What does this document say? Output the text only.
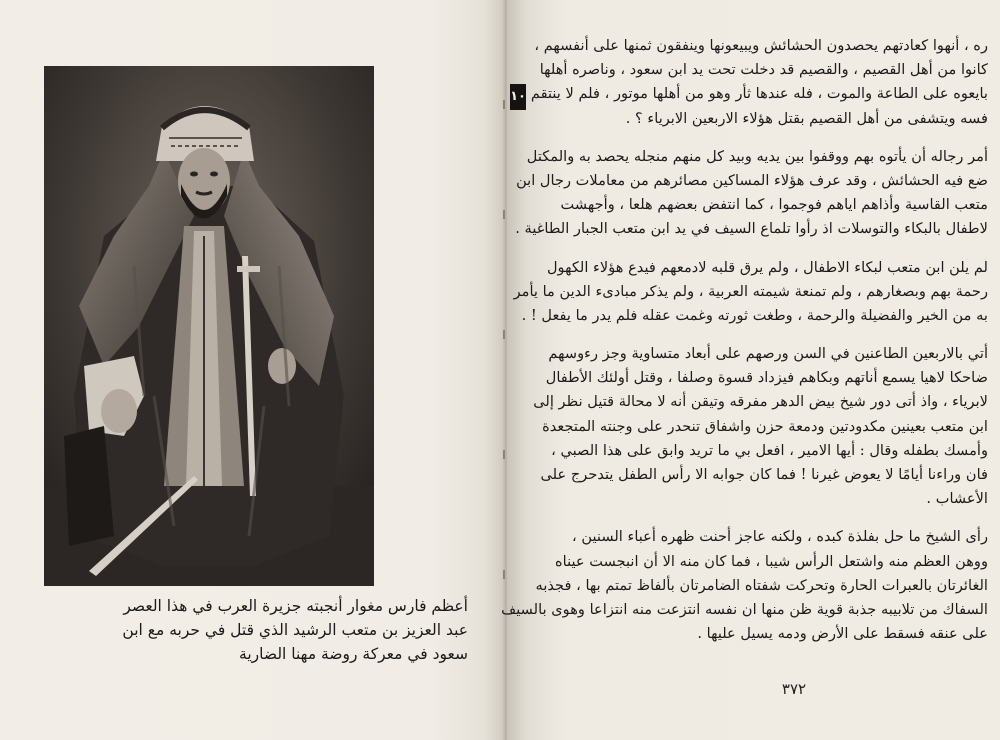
أعظم فارس مغوار أنجبته جزيرة العرب في هذا العصر
عبد العزيز بن متعب الرشيد الذي قتل في حربه مع ابن
سعود في معركة روضة مهنا الضارية
١٠
ره ، أنهوا كعادتهم يحصدون الحشائش ويبيعونها وينفقون ثمنها على أنفسهم ،
كانوا من أهل القصيم ، والقصيم قد دخلت تحت يد ابن سعود ، وناصره أهلها
بايعوه على الطاعة والموت ، فله عندها ثأر وهو من أهلها موتور ، فلم لا ينتقم
فسه ويتشفى من أهل القصيم بقتل هؤلاء الاربعين الابرياء ؟ .
أمر رجاله أن يأتوه بهم ووقفوا بين يديه وبيد كل منهم منجله يحصد به والمكتل
ضع فيه الحشائش ، وقد عرف هؤلاء المساكين مصائرهم من معاملات رجال ابن
متعب القاسية وأذاهم اياهم فوجموا ، كما انتفض بعضهم هلعا ، وأجهشت
لاطفال بالبكاء والتوسلات اذ رأوا تلماع السيف في يد ابن متعب الجبار الطاغية .
لم يلن ابن متعب لبكاء الاطفال ، ولم يرق قلبه لادمعهم فيدع هؤلاء الكهول
رحمة بهم وبصغارهم ، ولم تمنعة شيمته العربية ، ولم يذكر مبادىء الدين ما يأمر
به من الخير والفضيلة والرحمة ، وطغت ثورته وغمت عقله فلم يدر ما يفعل ! .
أتي بالاربعين الطاعنين في السن ورصهم على أبعاد متساوية وجز رءوسهم
ضاحكا لاهيا يسمع أناتهم وبكاهم فيزداد قسوة وصلفا ، وقتل أولئك الأطفال
لابرياء ، واذ أتى دور شيخ بيض الدهر مفرقه وتيقن أنه لا محالة قتيل نظر إلى
ابن متعب بعينين مكدودتين ودمعة حزن واشفاق تنحدر على وجنته المتجعدة
وأمسك بطفله وقال : أيها الامير ، افعل بي ما تريد وابق على هذا الصبي ،
فان وراءنا أيامًا لا يعوض غيرنا ! فما كان جوابه الا رأس الطفل يتدحرج على
الأعشاب .
رأى الشيخ ما حل بفلذة كبده ، ولكنه عاجز أحنت ظهره أعباء السنين ،
ووهن العظم منه واشتعل الرأس شيبا ، فما كان منه الا أن انبجست عيناه
الغائرتان بالعبرات الحارة وتحركت شفتاه الضامرتان بألفاظ تمتم بها ، فجذبه
السفاك من تلابيبه جذبة قوية ظن منها ان نفسه انتزعت منه انتزاعا وهوى بالسيف
على عنقه فسقط على الأرض ودمه يسيل عليها .
٣٧٢
